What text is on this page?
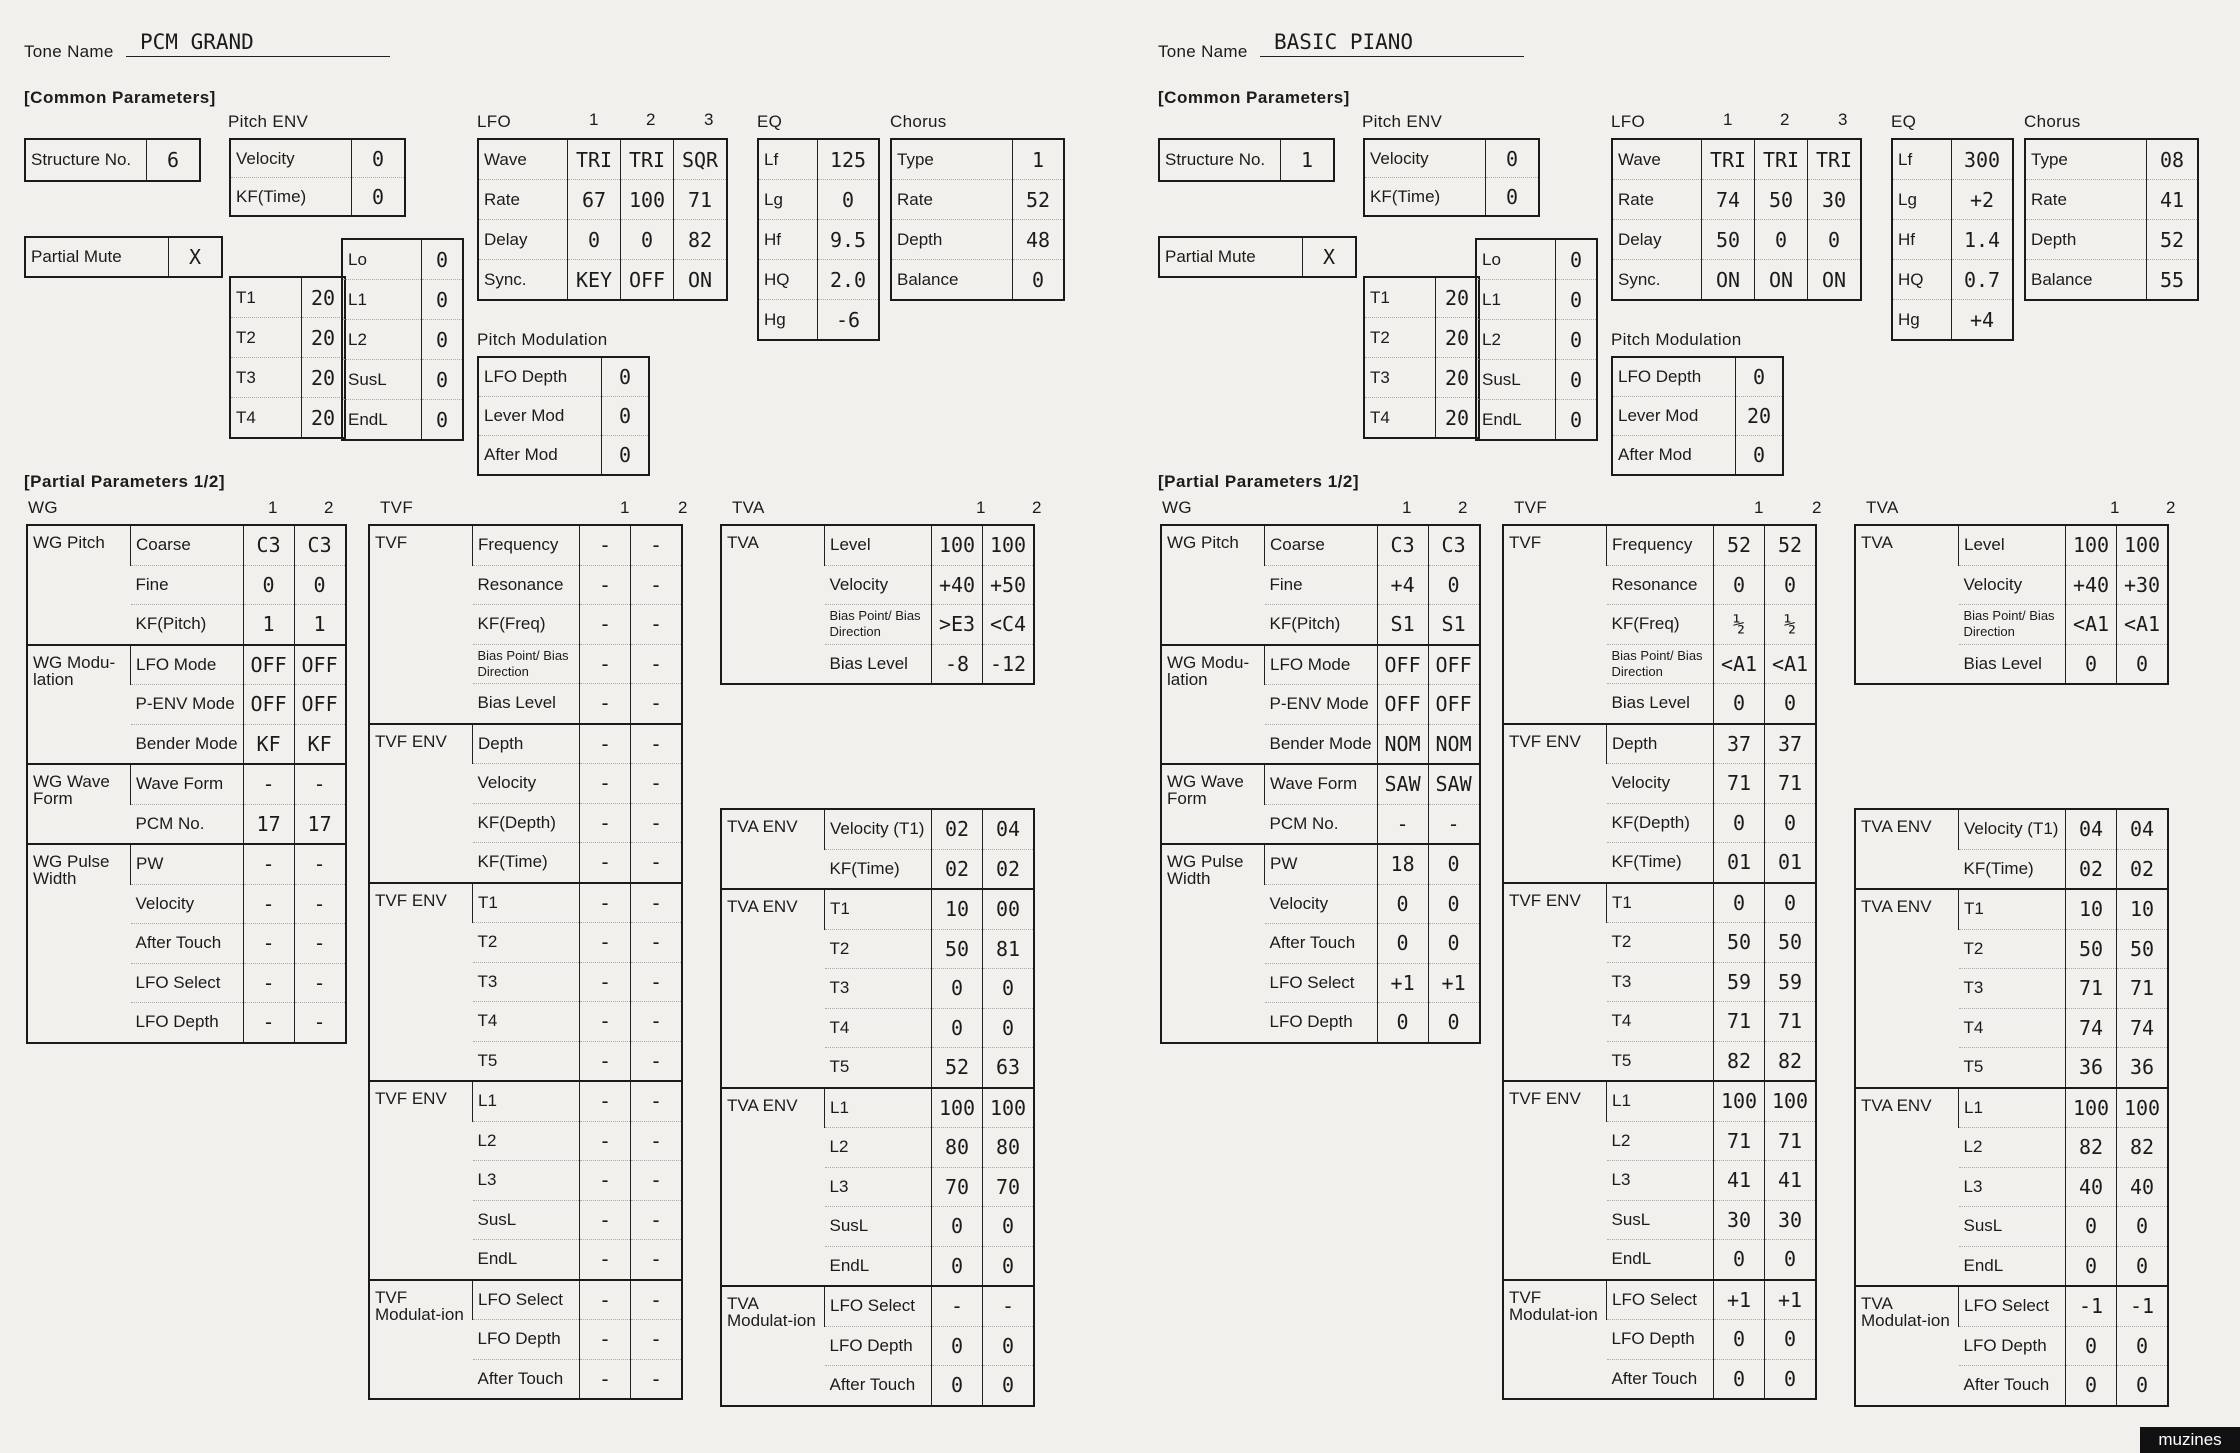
Tone Name	PCM GRAND
[Common Parameters]
Pitch ENV	LFO	1	2	3	EQ	Chorus
Pitch Modulation
Structure No.	6
Partial Mute	X
Velocity	0
KF(Time)	0
T1	20
T2	20
T3	20
T4	20
Lo	0
L1	0
L2	0
SusL	0
EndL	0
Wave	TRI	TRI	SQR
Rate	67	100	71
Delay	0	0	82
Sync.	KEY	OFF	ON
LFO Depth	0
Lever Mod	0
After Mod	0
Lf	125
Lg	0
Hf	9.5
HQ	2.0
Hg	-6
Type	1
Rate	52
Depth	48
Balance	0
[Partial Parameters 1/2]
WG	1	2	TVF	1	2	TVA	1	2
WG Pitch	Coarse	C3	C3
	Fine	0	0
	KF(Pitch)	1	1
WG Modu-lation	LFO Mode	OFF	OFF
	P-ENV Mode	OFF	OFF
	Bender Mode	KF	KF
WG Wave Form	Wave Form	-	-
	PCM No.	17	17
WG Pulse Width	PW	-	-
	Velocity	-	-
	After Touch	-	-
	LFO Select	-	-
	LFO Depth	-	-
TVF	Frequency	-	-
	Resonance	-	-
	KF(Freq)	-	-
	Bias Point/ Bias Direction	-	-
	Bias Level	-	-
TVF ENV	Depth	-	-
	Velocity	-	-
	KF(Depth)	-	-
	KF(Time)	-	-
TVF ENV	T1	-	-
	T2	-	-
	T3	-	-
	T4	-	-
	T5	-	-
TVF ENV	L1	-	-
	L2	-	-
	L3	-	-
	SusL	-	-
	EndL	-	-
TVF Modulat-ion	LFO Select	-	-
	LFO Depth	-	-
	After Touch	-	-
TVA	Level	100	100
	Velocity	+40	+50
	Bias Point/ Bias Direction	>E3	<C4
	Bias Level	-8	-12
TVA ENV	Velocity (T1)	02	04
	KF(Time)	02	02
TVA ENV	T1	10	00
	T2	50	81
	T3	0	0
	T4	0	0
	T5	52	63
TVA ENV	L1	100	100
	L2	80	80
	L3	70	70
	SusL	0	0
	EndL	0	0
TVA Modulat-ion	LFO Select	-	-
	LFO Depth	0	0
	After Touch	0	0
Tone Name	BASIC PIANO
[Common Parameters]
Pitch ENV	LFO	1	2	3	EQ	Chorus
Pitch Modulation
Structure No.	1
Partial Mute	X
Velocity	0
KF(Time)	0
T1	20
T2	20
T3	20
T4	20
Lo	0
L1	0
L2	0
SusL	0
EndL	0
Wave	TRI	TRI	TRI
Rate	74	50	30
Delay	50	0	0
Sync.	ON	ON	ON
LFO Depth	0
Lever Mod	20
After Mod	0
Lf	300
Lg	+2
Hf	1.4
HQ	0.7
Hg	+4
Type	08
Rate	41
Depth	52
Balance	55
[Partial Parameters 1/2]
WG	1	2	TVF	1	2	TVA	1	2
WG Pitch	Coarse	C3	C3
	Fine	+4	0
	KF(Pitch)	S1	S1
WG Modu-lation	LFO Mode	OFF	OFF
	P-ENV Mode	OFF	OFF
	Bender Mode	NOM	NOM
WG Wave Form	Wave Form	SAW	SAW
	PCM No.	-	-
WG Pulse Width	PW	18	0
	Velocity	0	0
	After Touch	0	0
	LFO Select	+1	+1
	LFO Depth	0	0
TVF	Frequency	52	52
	Resonance	0	0
	KF(Freq)	½	½
	Bias Point/ Bias Direction	<A1	<A1
	Bias Level	0	0
TVF ENV	Depth	37	37
	Velocity	71	71
	KF(Depth)	0	0
	KF(Time)	01	01
TVF ENV	T1	0	0
	T2	50	50
	T3	59	59
	T4	71	71
	T5	82	82
TVF ENV	L1	100	100
	L2	71	71
	L3	41	41
	SusL	30	30
	EndL	0	0
TVF Modulat-ion	LFO Select	+1	+1
	LFO Depth	0	0
	After Touch	0	0
TVA	Level	100	100
	Velocity	+40	+30
	Bias Point/ Bias Direction	<A1	<A1
	Bias Level	0	0
TVA ENV	Velocity (T1)	04	04
	KF(Time)	02	02
TVA ENV	T1	10	10
	T2	50	50
	T3	71	71
	T4	74	74
	T5	36	36
TVA ENV	L1	100	100
	L2	82	82
	L3	40	40
	SusL	0	0
	EndL	0	0
TVA Modulat-ion	LFO Select	-1	-1
	LFO Depth	0	0
	After Touch	0	0
muzines
